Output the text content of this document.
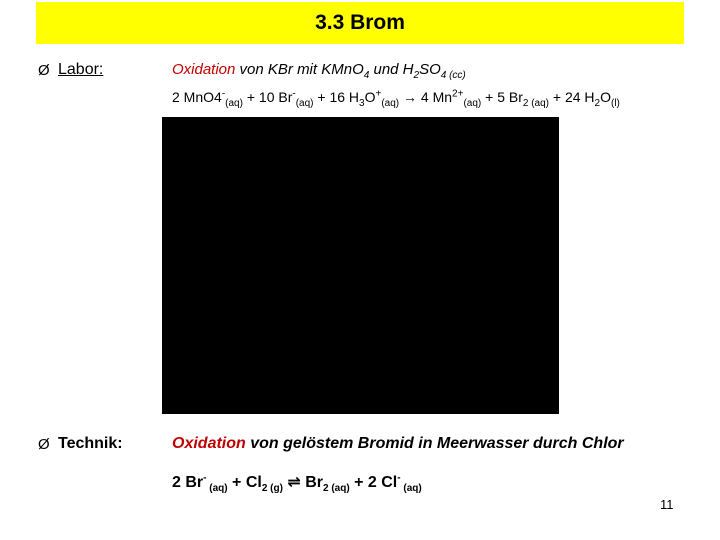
3.3 Brom
Ø Labor:	Oxidation von KBr mit KMnO$_4$ und $H_2SO_{4 (cc)}$
2 $MnO4^-_{(aq)} + 10$ $Br^-_{(aq)} + 16$ $H_3O^+_{(aq)} \to 4$ $Mn^{2+}_{(aq)} + 5$ $Br_{2 (aq)} + 24$ $H_2O_{(l)}$
Ø Technik:	Oxidation von gelöstem Bromid in Meerwasser durch Chlor
2 Br- $_{(aq)} + Cl_{2 (g)}$ ⇌ $Br_{2 (aq)} + 2$ Cl- $_{(aq)}$
11
